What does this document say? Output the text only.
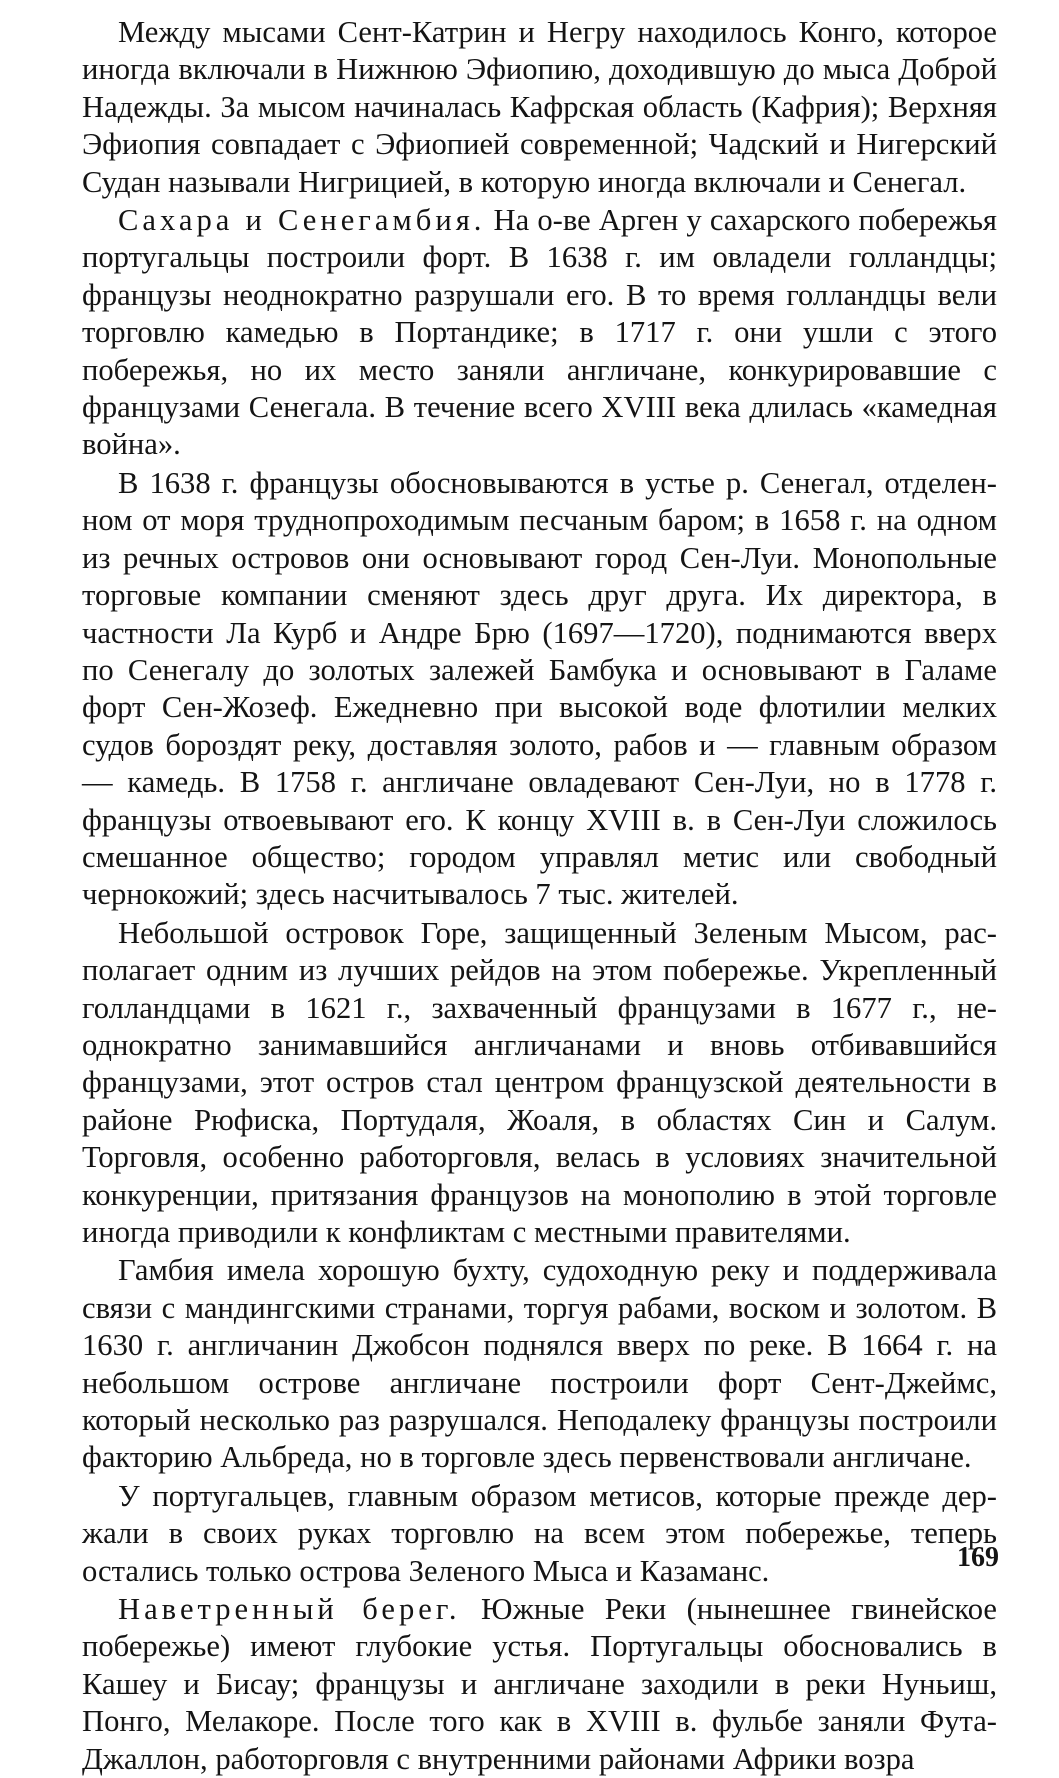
Между мысами Сент-Катрин и Негру находилось Конго, которое иногда включали в Нижнюю Эфиопию, доходившую до мыса Доброй Надежды. За мысом начиналась Кафрская область (Кафрия); Верхняя Эфиопия совпадает с Эфиопией современной; Чадский и Нигерский Судан называли Нигрицией, в которую иногда включали и Сенегал.

Сахара и Сенегамбия. На о-ве Арген у сахарского побережья португальцы построили форт. В 1638 г. им овладели голландцы; французы неоднократно разрушали его. В то время голландцы вели торговлю камедью в Портандике; в 1717 г. они ушли с этого побережья, но их место заняли англичане, конкурировавшие с французами Сенегала. В течение всего XVIII века длилась «камедная война».

В 1638 г. французы обосновываются в устье р. Сенегал, отделенном от моря труднопроходимым песчаным баром; в 1658 г. на одном из речных островов они основывают город Сен-Луи. Монопольные торговые компании сменяют здесь друг друга. Их директора, в частности Ла Курб и Андре Брю (1697—1720), поднимаются вверх по Сенегалу до золотых залежей Бамбука и основывают в Галаме форт Сен-Жозеф. Ежедневно при высокой воде флотилии мелких судов бороздят реку, доставляя золото, рабов и — главным образом — камедь. В 1758 г. англичане овладевают Сен-Луи, но в 1778 г. французы отвоевывают его. К концу XVIII в. в Сен-Луи сложилось смешанное общество; городом управлял метис или свободный чернокожий; здесь насчитывалось 7 тыс. жителей.

Небольшой островок Горе, защищенный Зеленым Мысом, располагает одним из лучших рейдов на этом побережье. Укрепленный голландцами в 1621 г., захваченный французами в 1677 г., неоднократно занимавшийся англичанами и вновь отбивавшийся французами, этот остров стал центром французской деятельности в районе Рюфиска, Портудаля, Жоаля, в областях Син и Салум. Торговля, особенно работорговля, велась в условиях значительной конкуренции, притязания французов на монополию в этой торговле иногда приводили к конфликтам с местными правителями.

Гамбия имела хорошую бухту, судоходную реку и поддерживала связи с мандингскими странами, торгуя рабами, воском и золотом. В 1630 г. англичанин Джобсон поднялся вверх по реке. В 1664 г. на небольшом острове англичане построили форт Сент-Джеймс, который несколько раз разрушался. Неподалеку французы построили факторию Альбреда, но в торговле здесь первенствовали англичане.

У португальцев, главным образом метисов, которые прежде держали в своих руках торговлю на всем этом побережье, теперь остались только острова Зеленого Мыса и Казаманс.

Наветренный берег. Южные Реки (нынешнее гвинейское побережье) имеют глубокие устья. Португальцы обосновались в Кашеу и Бисау; французы и англичане заходили в реки Нуньиш, Понго, Мелакоре. После того как в XVIII в. фульбе заняли Фута-Джаллон, работорговля с внутренними районами Африки возра

169
